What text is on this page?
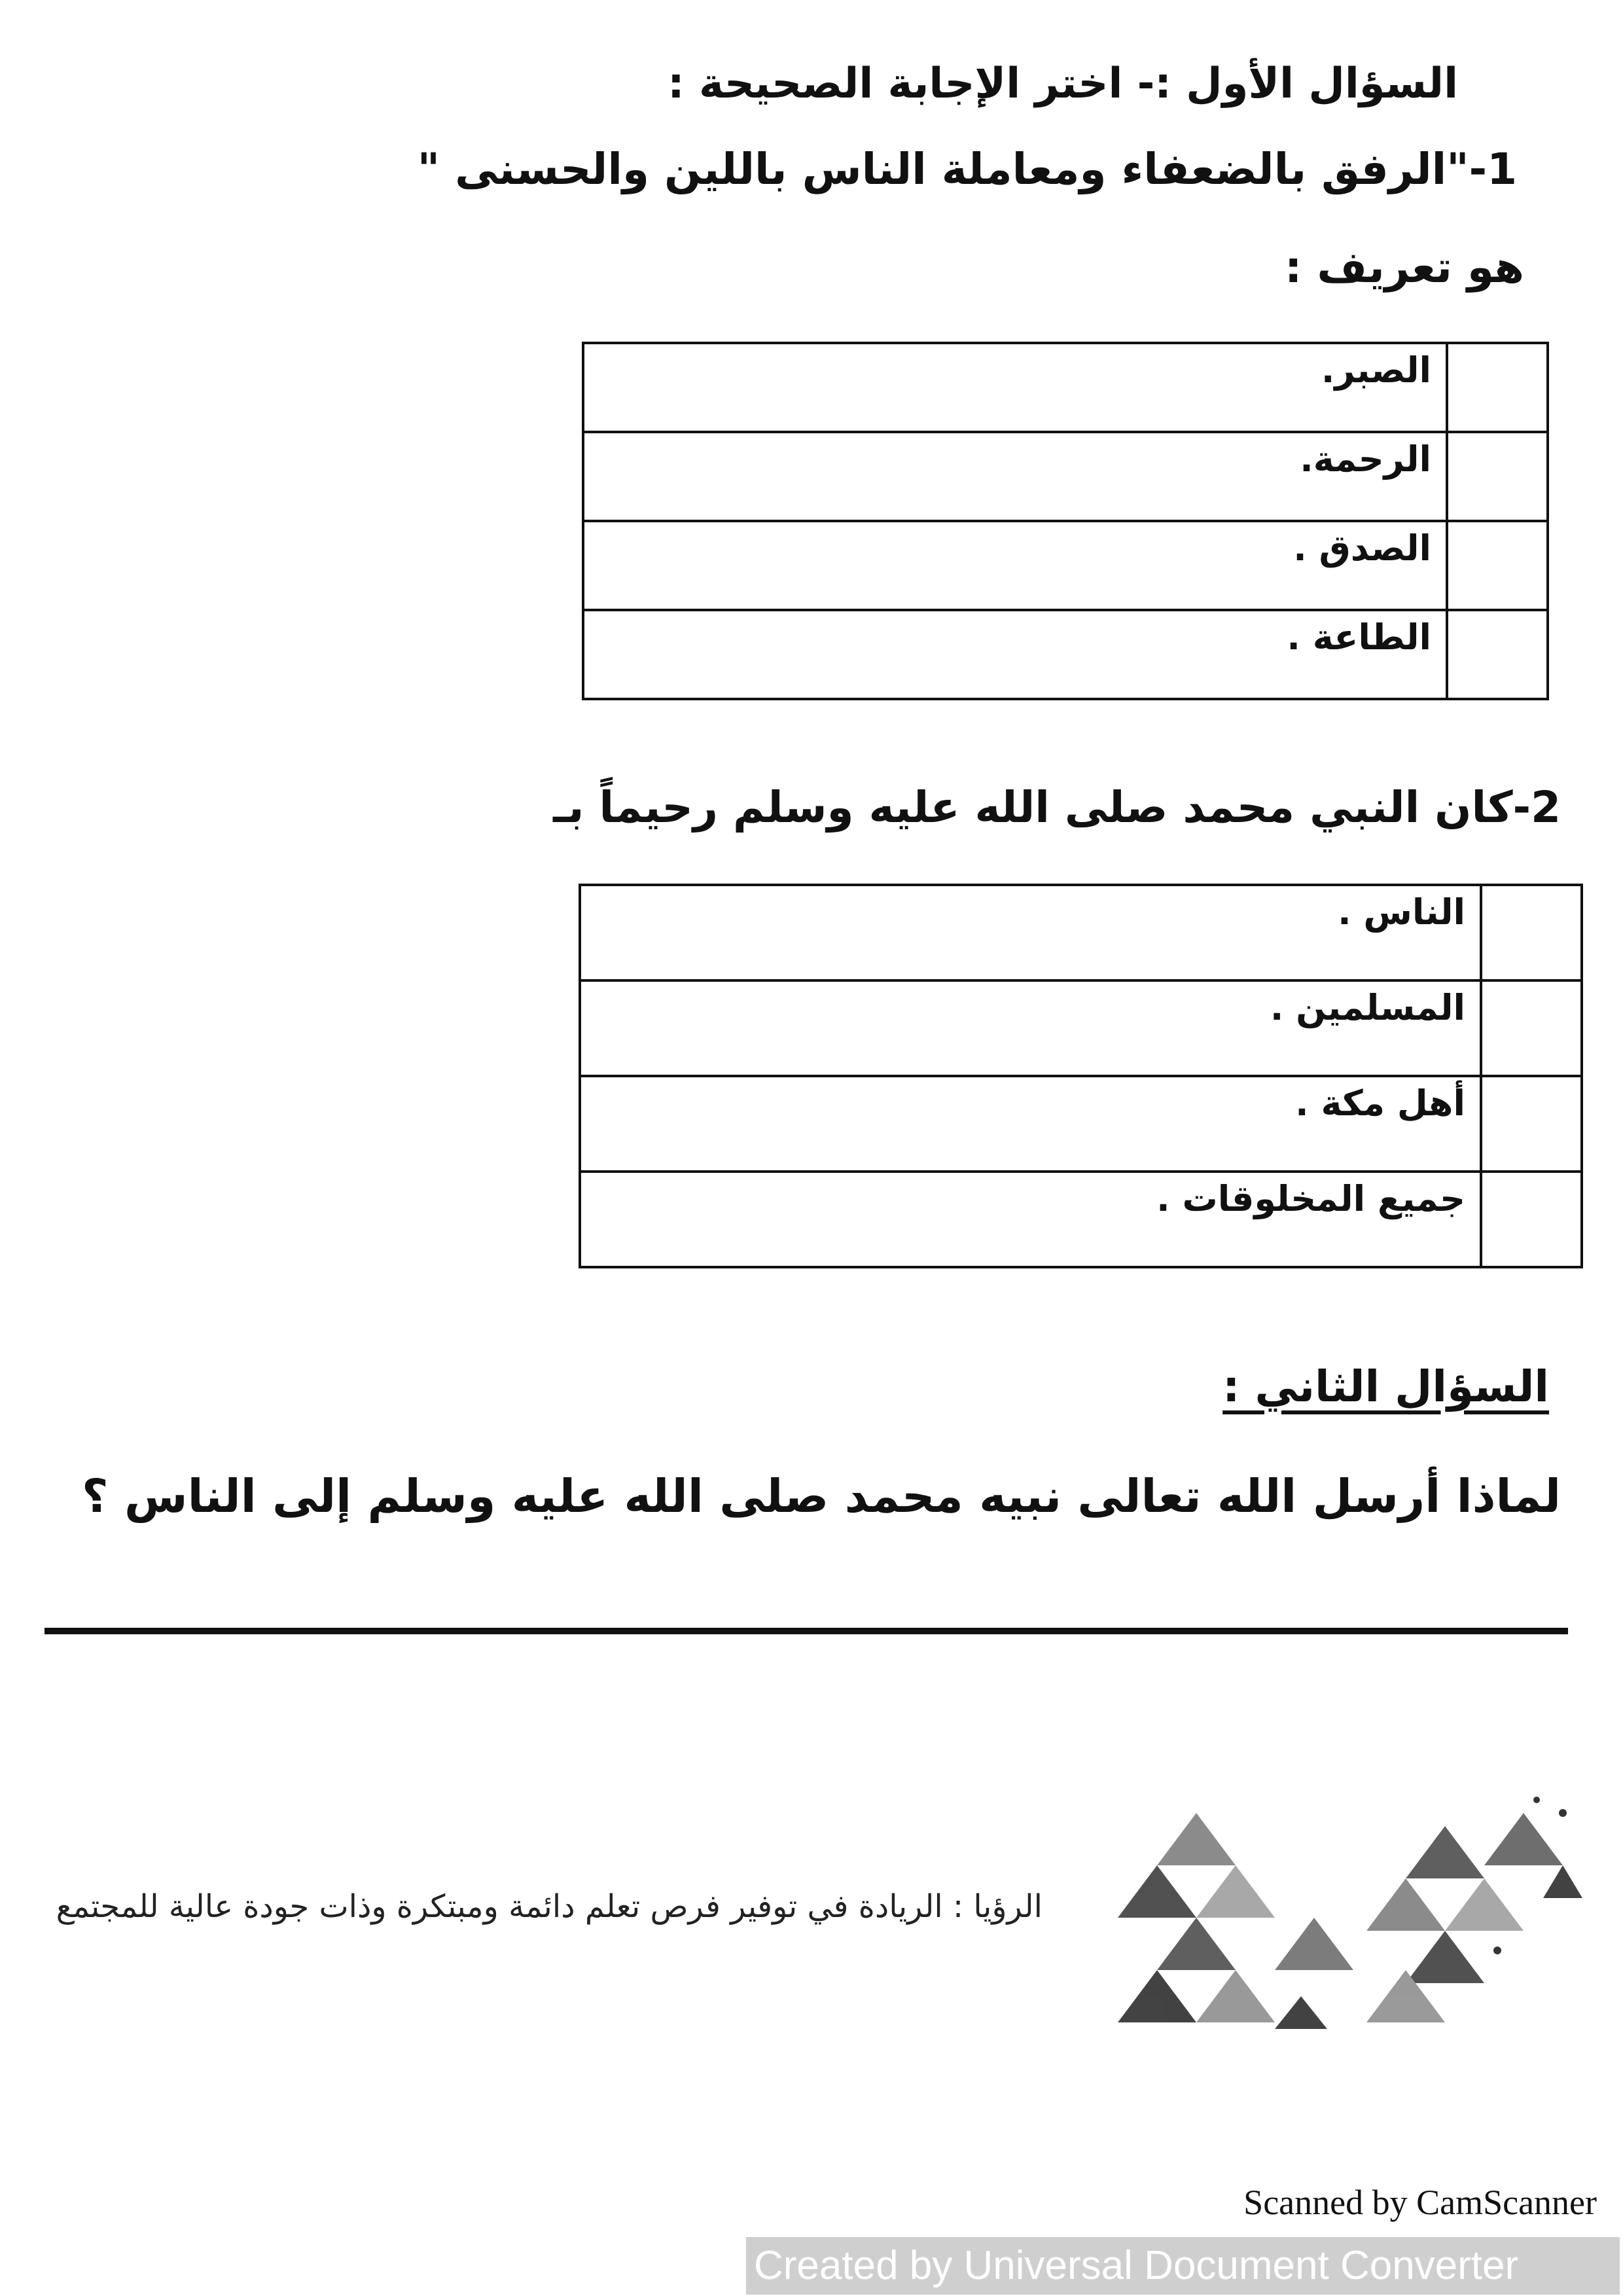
السؤال الأول :- اختر الإجابة الصحيحة :
1-"الرفق بالضعفاء ومعاملة الناس باللين والحسنى "
هو تعريف :
	الصبر.
	الرحمة.
	الصدق .
	الطاعة .
2-كان النبي محمد صلى الله عليه وسلم رحيماً بـ
	الناس .
	المسلمين .
	أهل مكة .
	جميع المخلوقات .
السؤال الثاني :
لماذا أرسل الله تعالى نبيه محمد صلى الله عليه وسلم إلى الناس ؟
الرؤيا : الريادة في توفير فرص تعلم دائمة ومبتكرة وذات جودة عالية للمجتمع
Scanned by CamScanner
Created by Universal Document Converter
